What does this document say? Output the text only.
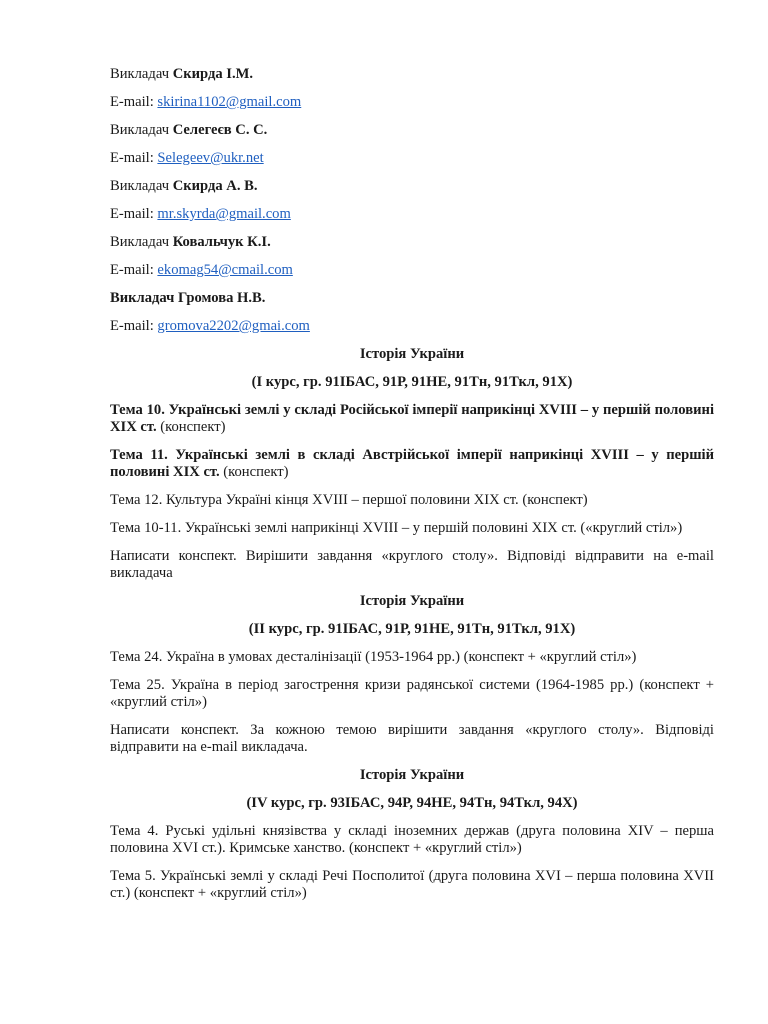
Викладач Скирда І.М.

E-mail: skirina1102@gmail.com

Викладач Селегеєв С. С.

E-mail: Selegeev@ukr.net

Викладач Скирда А. В.

E-mail: mr.skyrda@gmail.com

Викладач Ковальчук К.І.

E-mail: ekomag54@cmail.com

Викладач Громова Н.В.

E-mail: gromova2202@gmai.com

Історія України

(І курс, гр. 91ІБАС, 91Р, 91НЕ, 91Тн, 91Ткл, 91Х)

Тема 10. Українські землі у складі Російської імперії наприкінці XVIII – у першій половині XIX ст. (конспект)

Тема 11. Українські землі в складі Австрійської імперії наприкінці XVIII – у першій половині XIX ст. (конспект)

Тема 12. Культура Україні кінця XVIII – першої половини XIX ст. (конспект)

Тема 10-11. Українські землі наприкінці XVIII – у першій половині XIX ст. («круглий стіл»)

Написати конспект. Вирішити завдання «круглого столу». Відповіді відправити на e-mail викладача

Історія України

(ІІ курс, гр. 91ІБАС, 91Р, 91НЕ, 91Тн, 91Ткл, 91Х)

Тема 24. Україна в умовах десталінізації (1953-1964 рр.) (конспект + «круглий стіл»)

Тема 25. Україна в період загострення кризи радянської системи (1964-1985 рр.) (конспект + «круглий стіл»)

Написати конспект. За кожною темою вирішити завдання «круглого столу». Відповіді відправити на e-mail викладача.

Історія України

(IV курс, гр. 93ІБАС, 94Р, 94НЕ, 94Тн, 94Ткл, 94Х)

Тема 4. Руські удільні князівства у складі іноземних держав (друга половина XIV – перша половина XVI ст.). Кримське ханство. (конспект + «круглий стіл»)

Тема 5. Українські землі у складі Речі Посполитої (друга половина XVI – перша половина XVII ст.) (конспект + «круглий стіл»)
